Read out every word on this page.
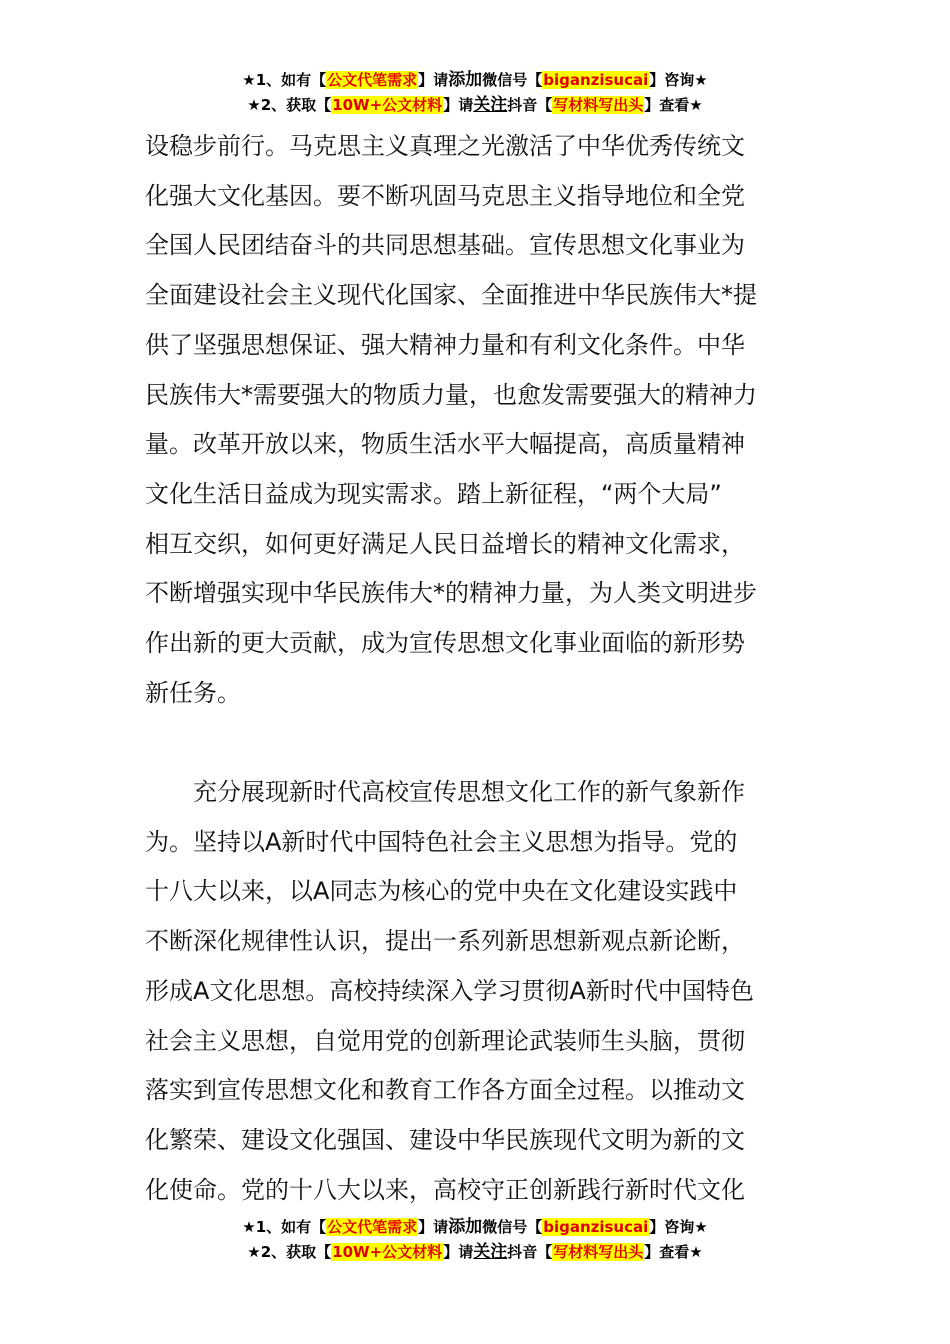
★1、如有【公文代笔需求】请添加微信号【biganzisucai】咨询★
★2、获取【10W+公文材料】请关注抖音【写材料写出头】查看★

设稳步前行。马克思主义真理之光激活了中华优秀传统文
化强大文化基因。要不断巩固马克思主义指导地位和全党
全国人民团结奋斗的共同思想基础。宣传思想文化事业为
全面建设社会主义现代化国家、全面推进中华民族伟大*提
供了坚强思想保证、强大精神力量和有利文化条件。中华
民族伟大*需要强大的物质力量，也愈发需要强大的精神力
量。改革开放以来，物质生活水平大幅提高，高质量精神
文化生活日益成为现实需求。踏上新征程，“两个大局”
相互交织，如何更好满足人民日益增长的精神文化需求，
不断增强实现中华民族伟大*的精神力量，为人类文明进步
作出新的更大贡献，成为宣传思想文化事业面临的新形势
新任务。

充分展现新时代高校宣传思想文化工作的新气象新作
为。坚持以A新时代中国特色社会主义思想为指导。党的
十八大以来，以A同志为核心的党中央在文化建设实践中
不断深化规律性认识，提出一系列新思想新观点新论断，
形成A文化思想。高校持续深入学习贯彻A新时代中国特色
社会主义思想，自觉用党的创新理论武装师生头脑，贯彻
落实到宣传思想文化和教育工作各方面全过程。以推动文
化繁荣、建设文化强国、建设中华民族现代文明为新的文
化使命。党的十八大以来，高校守正创新践行新时代文化

★1、如有【公文代笔需求】请添加微信号【biganzisucai】咨询★
★2、获取【10W+公文材料】请关注抖音【写材料写出头】查看★
